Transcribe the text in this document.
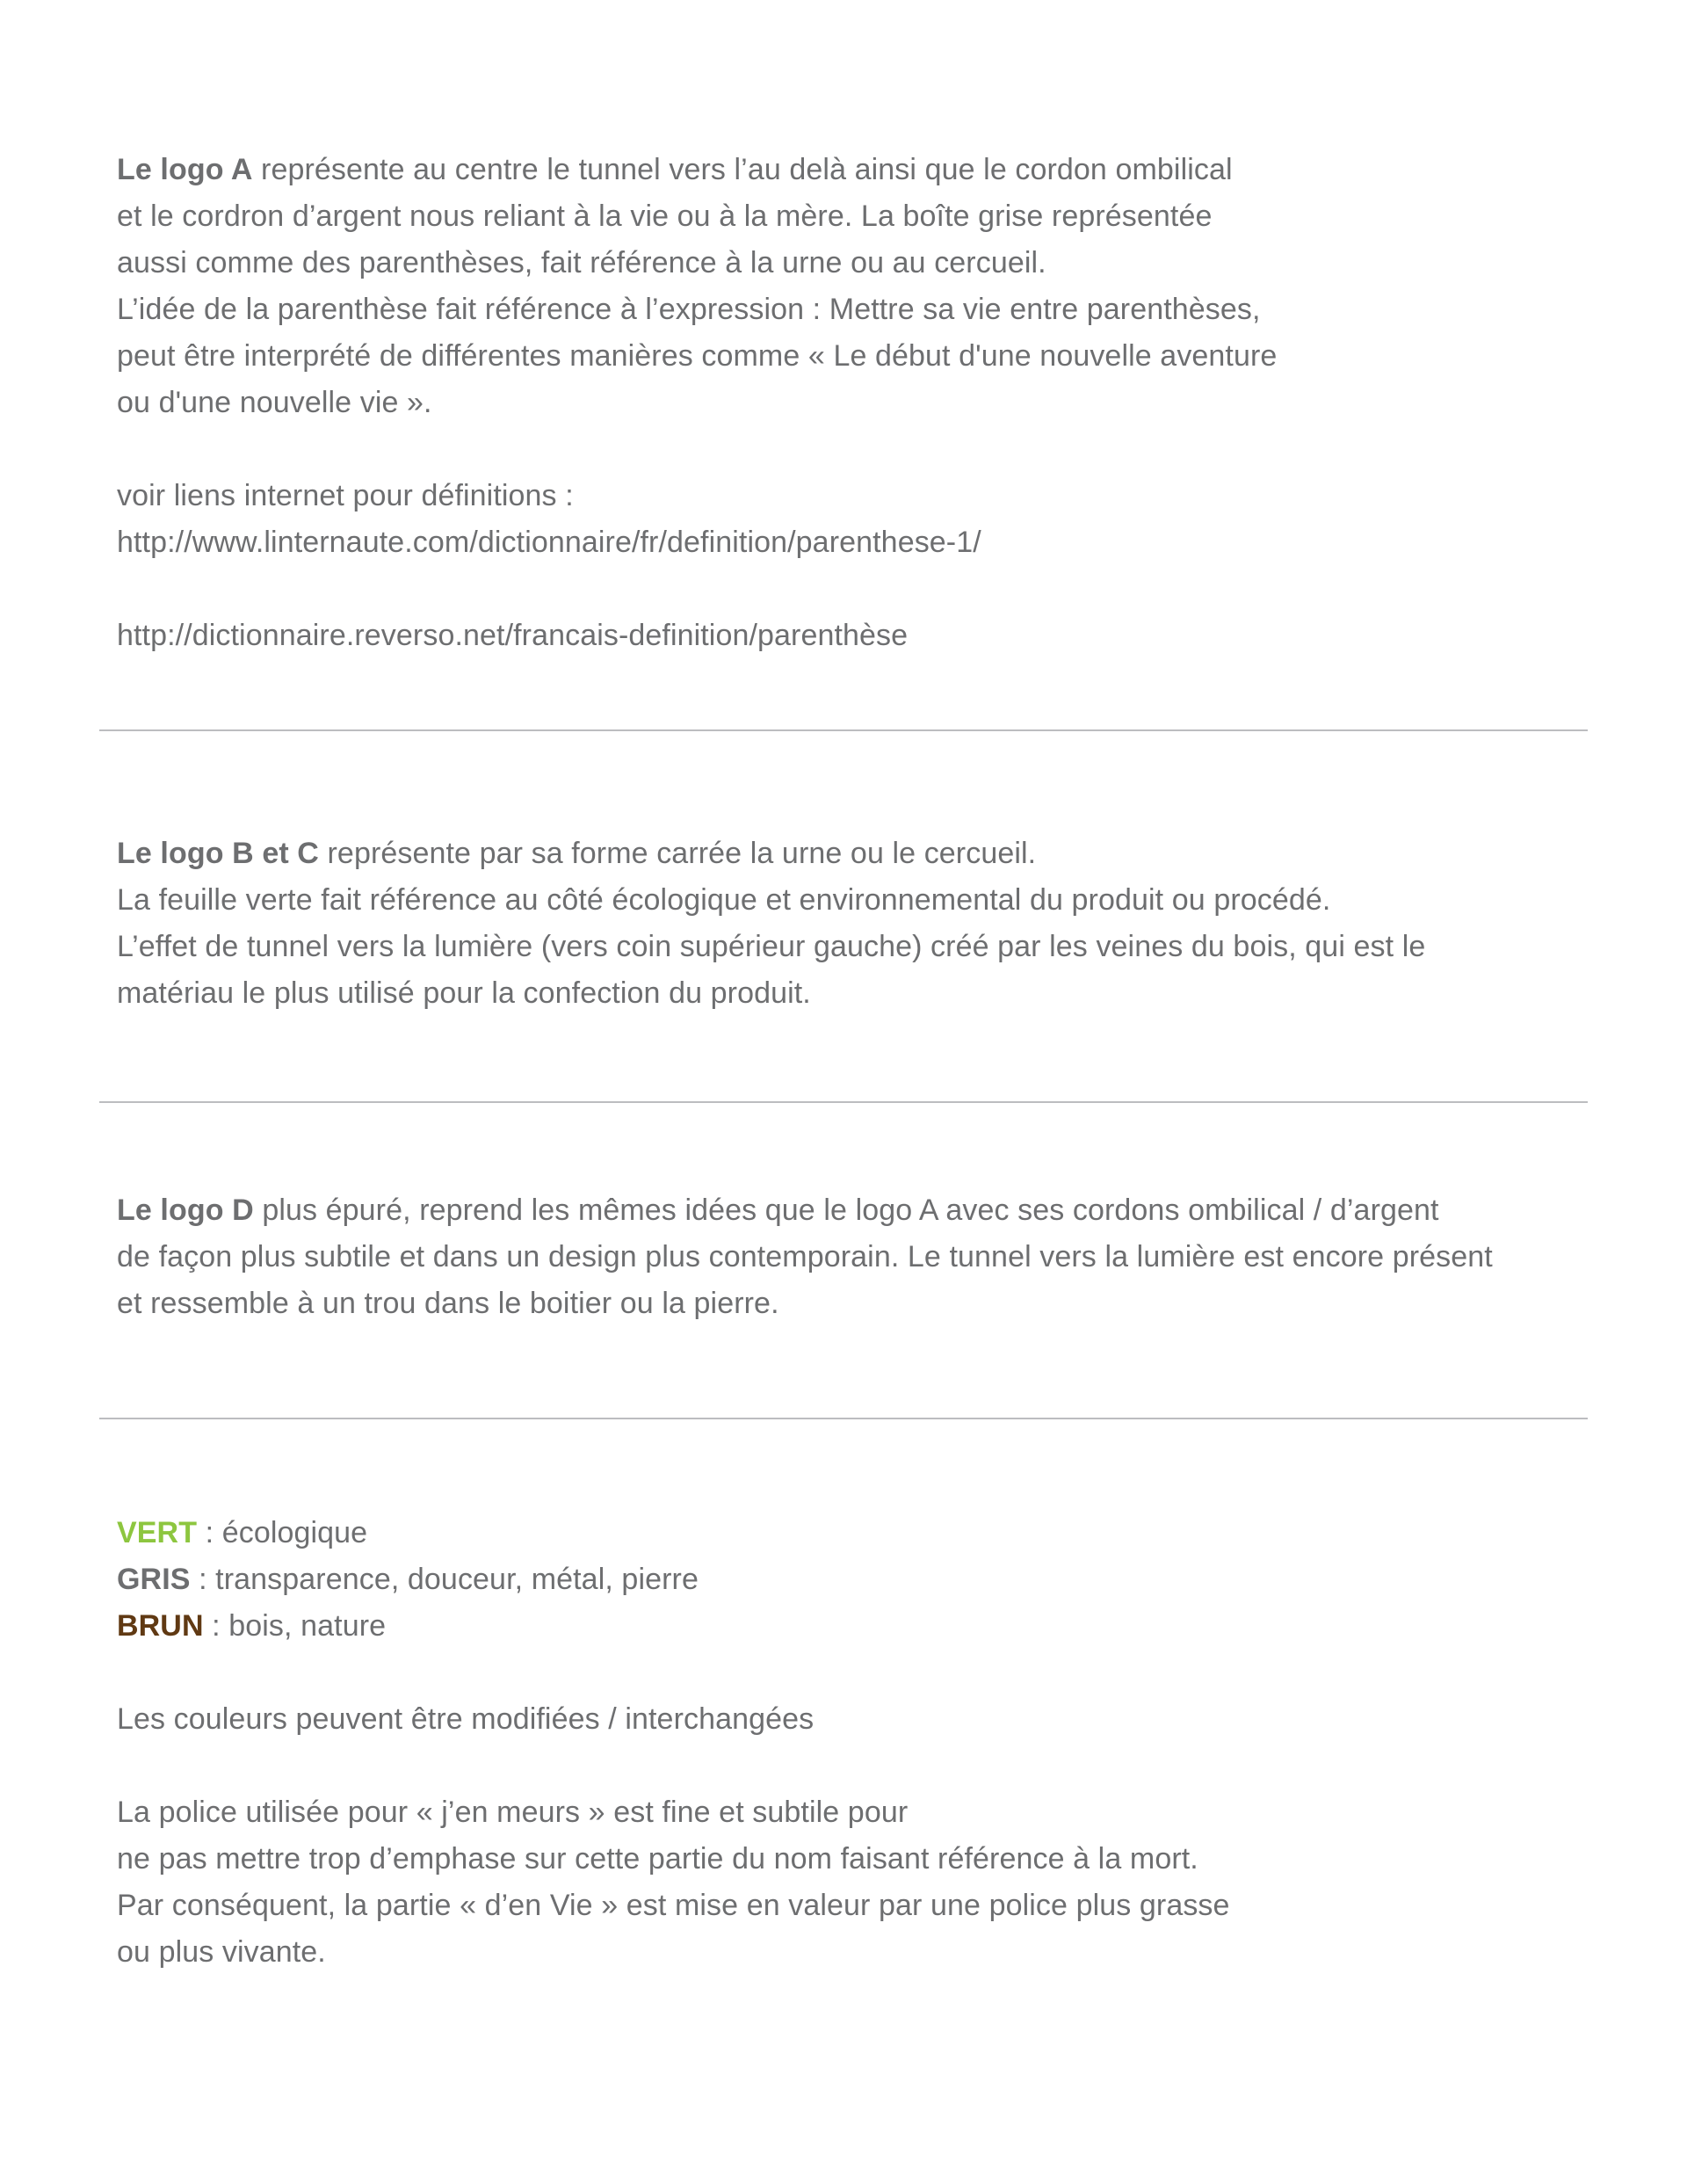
Le logo A représente au centre le tunnel vers l’au delà ainsi que le cordon ombilical
et le cordron d’argent nous reliant à la vie ou à la mère. La boîte grise représentée
aussi comme des parenthèses, fait référence à la urne ou au cercueil.
L’idée de la parenthèse fait référence à l’expression : Mettre sa vie entre parenthèses,
peut être interprété de différentes manières comme « Le début d'une nouvelle aventure
ou d'une nouvelle vie ».
voir liens internet pour définitions :
http://www.linternaute.com/dictionnaire/fr/definition/parenthese-1/
http://dictionnaire.reverso.net/francais-definition/parenthèse
Le logo B et C représente par sa forme carrée la urne ou le cercueil.
La feuille verte fait référence au côté écologique et environnemental du produit ou procédé.
L’effet de tunnel vers la lumière (vers coin supérieur gauche) créé par les veines du bois, qui est le
matériau le plus utilisé pour la confection du produit.
Le logo D plus épuré, reprend les mêmes idées que le logo A avec ses cordons ombilical / d’argent
de façon plus subtile et dans un design plus contemporain. Le tunnel vers la lumière est encore présent
et ressemble à un trou dans le boitier ou la pierre.
VERT : écologique
GRIS : transparence, douceur, métal, pierre
BRUN : bois, nature
Les couleurs peuvent être modifiées / interchangées
La police utilisée pour « j’en meurs » est fine et subtile pour
ne pas mettre trop d’emphase sur cette partie du nom faisant référence à la mort.
Par conséquent, la partie « d’en Vie » est mise en valeur par une police plus grasse
ou plus vivante.
